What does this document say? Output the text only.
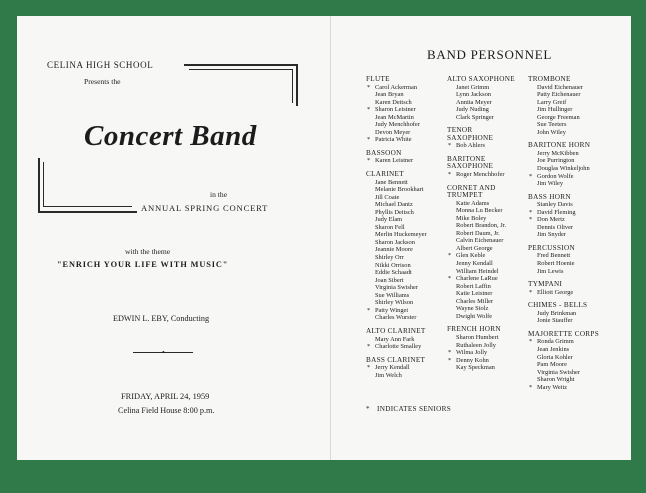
CELINA HIGH SCHOOL
Presents the
Concert Band
in the
ANNUAL SPRING CONCERT
with the theme
"ENRICH YOUR LIFE WITH MUSIC"
EDWIN L. EBY, Conducting
•
FRIDAY, APRIL 24, 1959
Celina Field House 8:00 p.m.
BAND PERSONNEL
FLUTE
* Carol Ackerman
Jean Bryan
Karen Deitsch
* Sharon Leistner
Jean McMartin
Judy Menchhofer
Devon Meyer
* Patricia White
BASSOON
* Karen Leistner
CLARINET
Jane Bennett
Melanie Brookhart
Jill Coate
Michael Dantz
Phyllis Deitsch
Judy Elam
Sharon Fell
Merlin Huckemeyer
Sharon Jackson
Jeannie Moore
Shirley Orr
Nikki Orrison
Eddie Schaadt
Joan Sibert
Virginia Swisher
Sue Williams
Shirley Wilson
* Patty Winget
Charles Wurster
ALTO CLARINET
Mary Ann Fark
* Charlotte Smalley
BASS CLARINET
* Jerry Kendall
Jim Welch
ALTO SAXOPHONE
Janet Grimm
Lynn Jackson
Annita Meyer
Judy Nuding
Clark Springer
TENOR
SAXOPHONE
* Bob Ahlers
BARITONE
SAXOPHONE
* Roger Menchhofer
CORNET AND
TRUMPET
Katie Adams
Monna Lu Becker
Mike Boley
Robert Brandon, Jr.
Robert Daum, Jr.
Calvin Eichenauer
Albert George
* Glen Keble
Jenny Kendall
William Heindel
* Charlene LaRue
Robert Laffin
Katie Leistner
Charles Miller
Wayne Stolz
Dwight Wolfe
FRENCH HORN
Sharon Humbert
Ruthaleen Jolly
* Wilma Jolly
* Denny Kohn
Kay Speckman
TROMBONE
David Eichenauer
Patty Eichenauer
Larry Greif
Jim Hullinger
George Freeman
Sue Teeters
John Wiley
BARITONE HORN
Jerry McKibben
Joe Purrington
Douglas Winkeljohn
* Gordon Wolfe
Jim Wiley
BASS HORN
Stanley Davis
* David Fleming
* Don Mertz
Dennis Oliver
Jim Snyder
PERCUSSION
Fred Bennett
Robert Hoenie
Jim Lewis
TYMPANI
* Elliott George
CHIMES - BELLS
Judy Brinkman
Jonie Stauffer
MAJORETTE CORPS
* Ronda Grimm
Jean Jenkins
Gloria Kohler
Pam Moore
Virginia Swisher
Sharon Wright
* Mary Weitz
* INDICATES SENIORS
